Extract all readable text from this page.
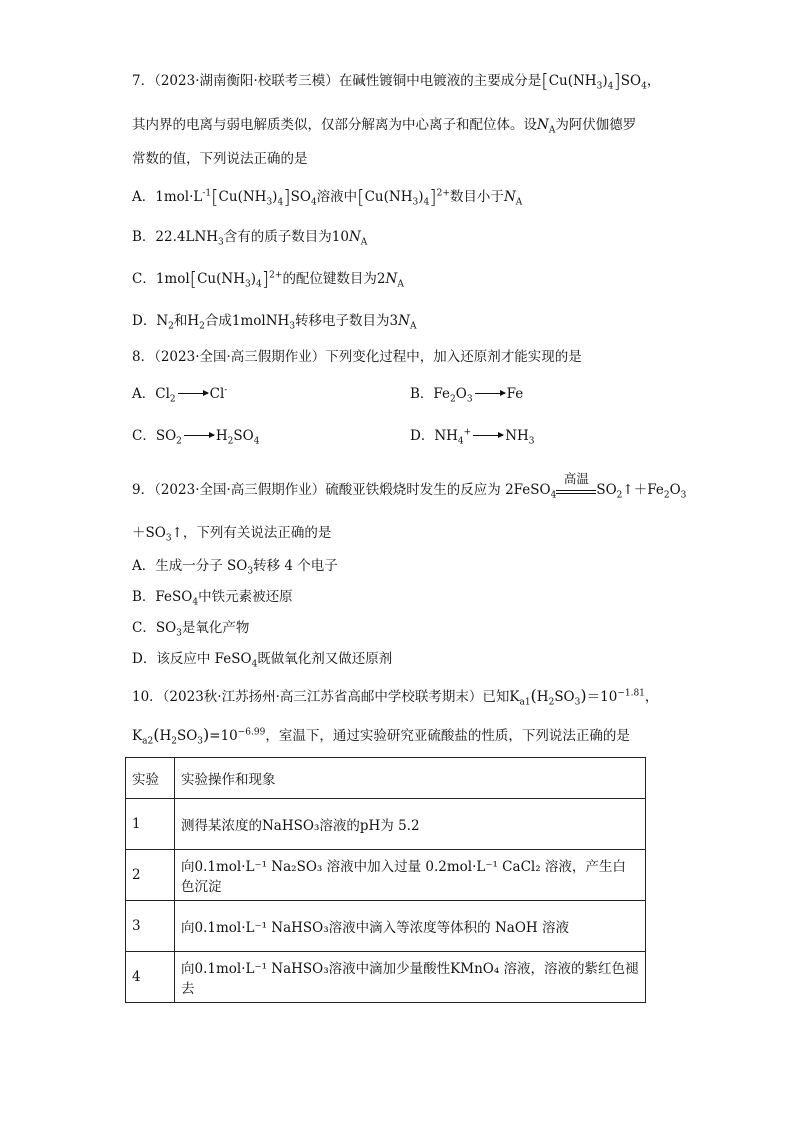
7．（2023·湖南衡阳·校联考三模）在碱性镀铜中电镀液的主要成分是$[Cu(NH_3)_4]SO_4$，
其内界的电离与弱电解质类似，仅部分解离为中心离子和配位体。设$N_A$为阿伏伽德罗
常数的值，下列说法正确的是
A．$1mol\cdot L^{-1}[Cu(NH_3)_4]SO_4$溶液中$[Cu(NH_3)_4]^{2+}$数目小于$N_A$
B．$22.4LNH_3$含有的质子数目为$10N_A$
C．$1mol[Cu(NH_3)_4]^{2+}$的配位键数目为$2N_A$
D．$N_2$和$H_2$合成1molNH$_3$转移电子数目为$3N_A$
8．（2023·全国·高三假期作业）下列变化过程中，加入还原剂才能实现的是
A．$Cl_2 \to Cl^-$	B．$Fe_2O_3 \to Fe$
C．$SO_2 \to H_2SO_4$	D．$NH_4^+ \to NH_3$
9．（2023·全国·高三假期作业）硫酸亚铁煅烧时发生的反应为 2FeSO$_4$
高温
$SO_2↑+Fe_2O_3$
$+SO_3↑$，下列有关说法正确的是
A．生成一分子 $SO_3$转移 4 个电子
B．FeSO$_4$中铁元素被还原
C．$SO_3$是氧化产物
D．该反应中 FeSO$_4$既做氧化剂又做还原剂
10．（2023秋·江苏扬州·高三江苏省高邮中学校联考期末）已知$K_{a1}(H_2SO_3)=10^{-1.81}$，
$K_{a2}(H_2SO_3)=10^{-6.99}$，室温下，通过实验研究亚硫酸盐的性质，下列说法正确的是
实验	实验操作和现象
1	测得某浓度的NaHSO₃溶液的pH为 5.2
2	向0.1mol·L⁻¹ Na₂SO₃ 溶液中加入过量 0.2mol·L⁻¹ CaCl₂ 溶液，产生白色沉淀
3	向0.1mol·L⁻¹ NaHSO₃溶液中滴入等浓度等体积的 NaOH 溶液
4	向0.1mol·L⁻¹ NaHSO₃溶液中滴加少量酸性KMnO₄ 溶液，溶液的紫红色褪去
